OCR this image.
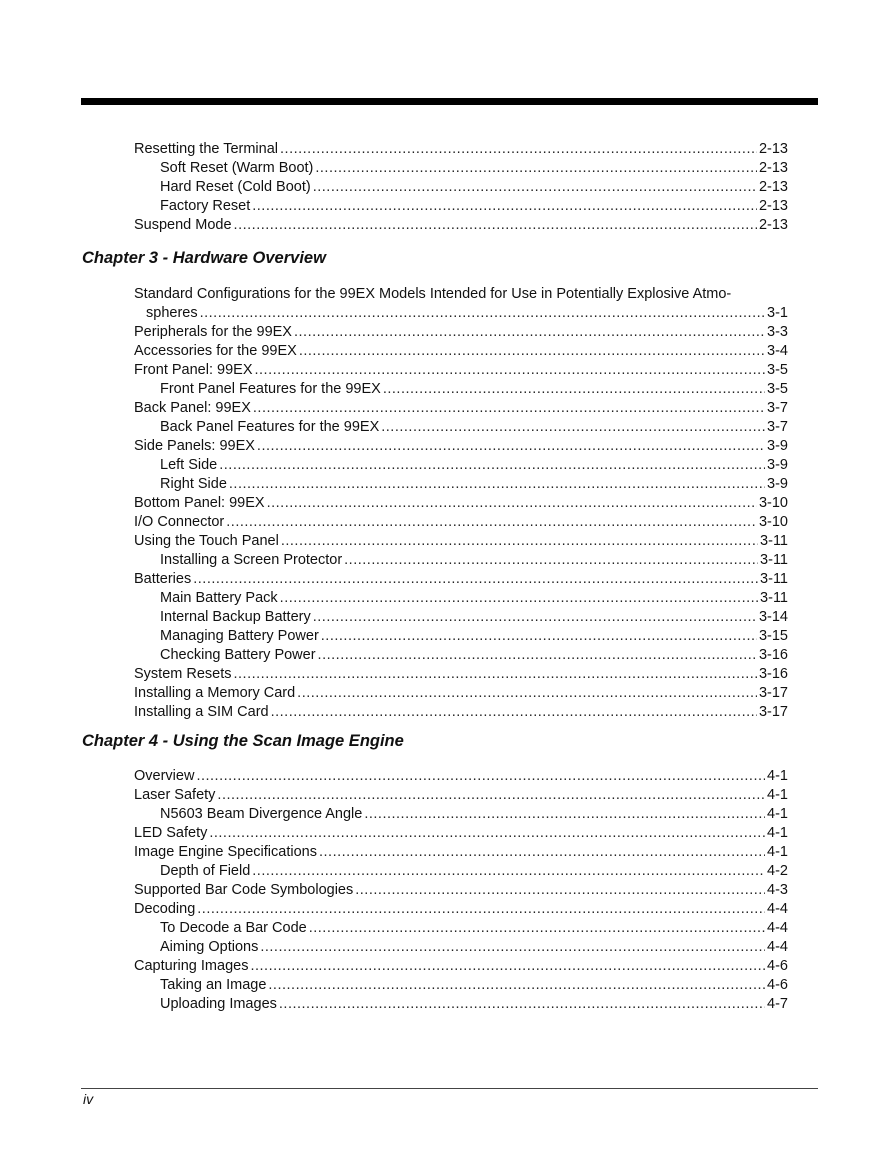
Resetting the Terminal .....	2-13
Soft Reset (Warm Boot) .....	2-13
Hard Reset (Cold Boot) .....	2-13
Factory Reset .....	2-13
Suspend Mode .....	2-13
Chapter 3 - Hardware Overview
Standard Configurations for the 99EX Models Intended for Use in Potentially Explosive Atmo-
spheres .....	3-1
Peripherals for the 99EX .....	3-3
Accessories for the 99EX .....	3-4
Front Panel: 99EX .....	3-5
Front Panel Features for the 99EX .....	3-5
Back Panel: 99EX .....	3-7
Back Panel Features for the 99EX .....	3-7
Side Panels: 99EX .....	3-9
Left Side .....	3-9
Right Side .....	3-9
Bottom Panel: 99EX .....	3-10
I/O Connector .....	3-10
Using the Touch Panel .....	3-11
Installing a Screen Protector .....	3-11
Batteries .....	3-11
Main Battery Pack .....	3-11
Internal Backup Battery .....	3-14
Managing Battery Power .....	3-15
Checking Battery Power .....	3-16
System Resets .....	3-16
Installing a Memory Card .....	3-17
Installing a SIM Card .....	3-17
Chapter 4 - Using the Scan Image Engine
Overview .....	4-1
Laser Safety .....	4-1
N5603 Beam Divergence Angle .....	4-1
LED Safety .....	4-1
Image Engine Specifications .....	4-1
Depth of Field .....	4-2
Supported Bar Code Symbologies .....	4-3
Decoding .....	4-4
To Decode a Bar Code .....	4-4
Aiming Options .....	4-4
Capturing Images .....	4-6
Taking an Image .....	4-6
Uploading Images .....	4-7
iv
